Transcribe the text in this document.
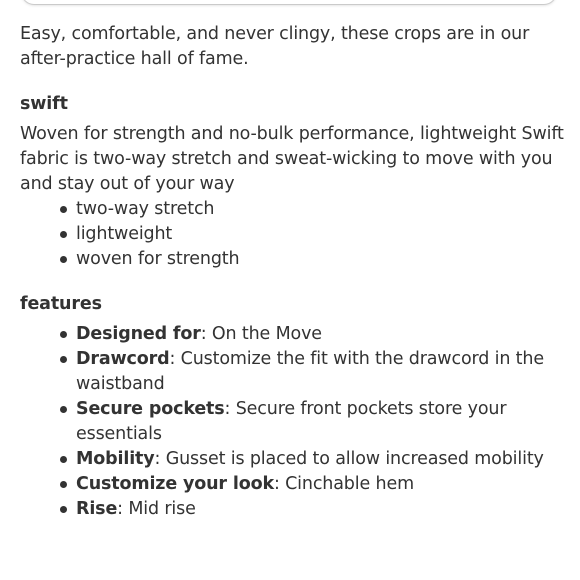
Easy, comfortable, and never clingy, these crops are in our after-practice hall of fame.

swift

Woven for strength and no-bulk performance, lightweight Swift fabric is two-way stretch and sweat-wicking to move with you and stay out of your way

two-way stretch
lightweight
woven for strength
features
Designed for: On the Move
Drawcord: Customize the fit with the drawcord in the waistband
Secure pockets: Secure front pockets store your essentials
Mobility: Gusset is placed to allow increased mobility
Customize your look: Cinchable hem
Rise: Mid rise
